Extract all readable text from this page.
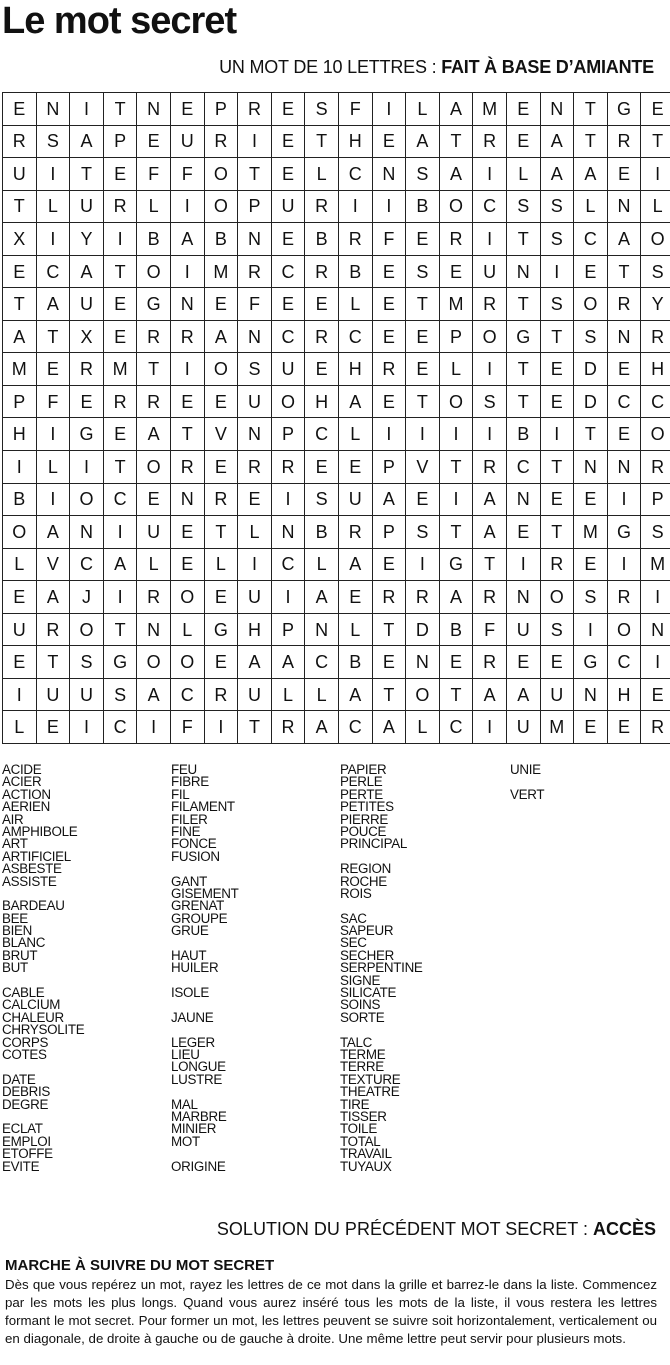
Le mot secret
UN MOT DE 10 LETTRES : FAIT À BASE D’AMIANTE
E	N	I	T	N	E	P	R	E	S	F	I	L	A	M	E	N	T	G	E
R	S	A	P	E	U	R	I	E	T	H	E	A	T	R	E	A	T	R	T
U	I	T	E	F	F	O	T	E	L	C	N	S	A	I	L	A	A	E	I
T	L	U	R	L	I	O	P	U	R	I	I	B	O	C	S	S	L	N	L
X	I	Y	I	B	A	B	N	E	B	R	F	E	R	I	T	S	C	A	O
E	C	A	T	O	I	M	R	C	R	B	E	S	E	U	N	I	E	T	S
T	A	U	E	G	N	E	F	E	E	L	E	T	M	R	T	S	O	R	Y
A	T	X	E	R	R	A	N	C	R	C	E	E	P	O	G	T	S	N	R
M	E	R	M	T	I	O	S	U	E	H	R	E	L	I	T	E	D	E	H
P	F	E	R	R	E	E	U	O	H	A	E	T	O	S	T	E	D	C	C
H	I	G	E	A	T	V	N	P	C	L	I	I	I	I	B	I	T	E	O
I	L	I	T	O	R	E	R	R	E	E	P	V	T	R	C	T	N	N	R
B	I	O	C	E	N	R	E	I	S	U	A	E	I	A	N	E	E	I	P
O	A	N	I	U	E	T	L	N	B	R	P	S	T	A	E	T	M	G	S
L	V	C	A	L	E	L	I	C	L	A	E	I	G	T	I	R	E	I	M
E	A	J	I	R	O	E	U	I	A	E	R	R	A	R	N	O	S	R	I
U	R	O	T	N	L	G	H	P	N	L	T	D	B	F	U	S	I	O	N
E	T	S	G	O	O	E	A	A	C	B	E	N	E	R	E	E	G	C	I
I	U	U	S	A	C	R	U	L	L	A	T	O	T	A	A	U	N	H	E
L	E	I	C	I	F	I	T	R	A	C	A	L	C	I	U	M	E	E	R
ACIDE
ACIER
ACTION
AERIEN
AIR
AMPHIBOLE
ART
ARTIFICIEL
ASBESTE
ASSISTE
BARDEAU
BEE
BIEN
BLANC
BRUT
BUT
CABLE
CALCIUM
CHALEUR
CHRYSOLITE
CORPS
COTES
DATE
DEBRIS
DEGRE
ECLAT
EMPLOI
ETOFFE
EVITE
FEU
FIBRE
FIL
FILAMENT
FILER
FINE
FONCE
FUSION
GANT
GISEMENT
GRENAT
GROUPE
GRUE
HAUT
HUILER
ISOLE
JAUNE
LEGER
LIEU
LONGUE
LUSTRE
MAL
MARBRE
MINIER
MOT
ORIGINE
PAPIER
PERLE
PERTE
PETITES
PIERRE
POUCE
PRINCIPAL
REGION
ROCHE
ROIS
SAC
SAPEUR
SEC
SECHER
SERPENTINE
SIGNE
SILICATE
SOINS
SORTE
TALC
TERME
TERRE
TEXTURE
THEATRE
TIRE
TISSER
TOILE
TOTAL
TRAVAIL
TUYAUX
UNIE
VERT
SOLUTION DU PRÉCÉDENT MOT SECRET : ACCÈS
MARCHE À SUIVRE DU MOT SECRET
Dès que vous repérez un mot, rayez les lettres de ce mot dans la grille et barrez-le dans la liste. Commencez par les mots les plus longs. Quand vous aurez inséré tous les mots de la liste, il vous restera les lettres formant le mot secret. Pour former un mot, les lettres peuvent se suivre soit horizontalement, verticalement ou en diagonale, de droite à gauche ou de gauche à droite. Une même lettre peut servir pour plusieurs mots.
